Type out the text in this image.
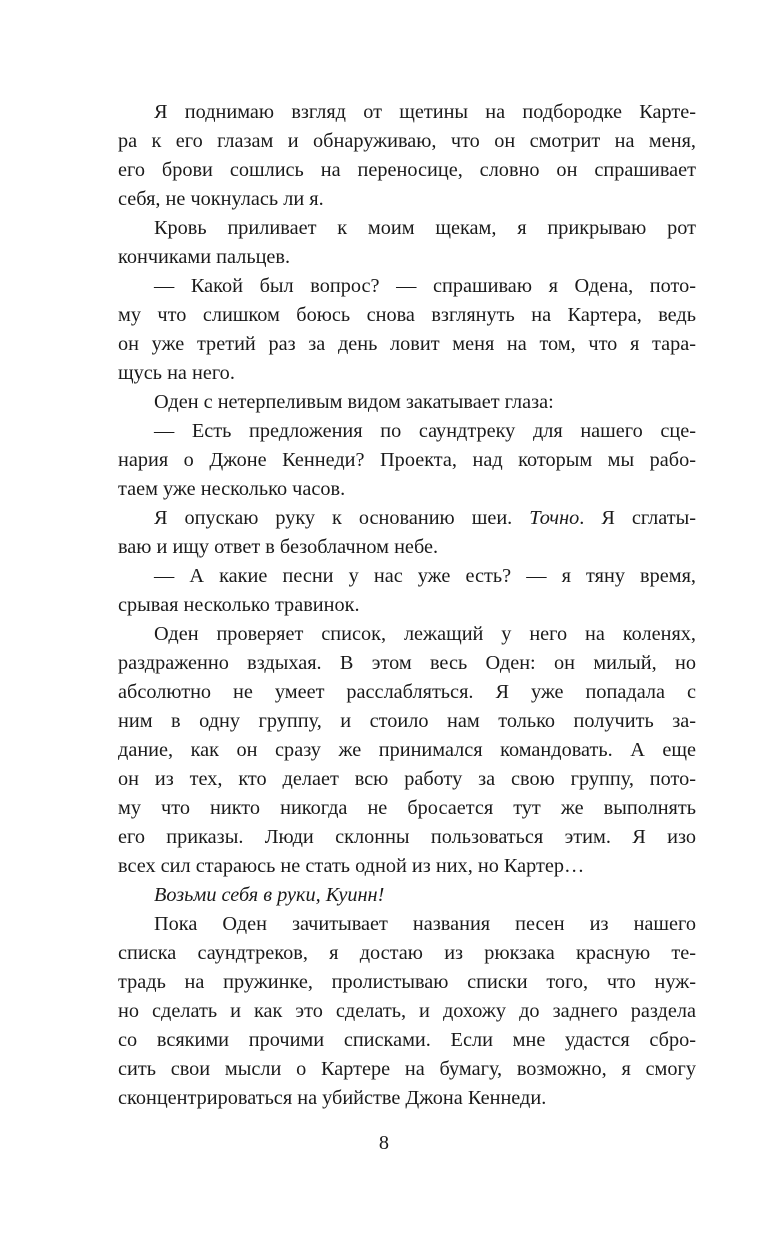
Я поднимаю взгляд от щетины на подбородке Карте-
ра к его глазам и обнаруживаю, что он смотрит на меня,
его брови сошлись на переносице, словно он спрашивает
себя, не чокнулась ли я.
Кровь приливает к моим щекам, я прикрываю рот
кончиками пальцев.
— Какой был вопрос? — спрашиваю я Одена, пото-
му что слишком боюсь снова взглянуть на Картера, ведь
он уже третий раз за день ловит меня на том, что я тара-
щусь на него.
Оден с нетерпеливым видом закатывает глаза:
— Есть предложения по саундтреку для нашего сце-
нария о Джоне Кеннеди? Проекта, над которым мы рабо-
таем уже несколько часов.
Я опускаю руку к основанию шеи. Точно. Я сглаты-
ваю и ищу ответ в безоблачном небе.
— А какие песни у нас уже есть? — я тяну время,
срывая несколько травинок.
Оден проверяет список, лежащий у него на коленях,
раздраженно вздыхая. В этом весь Оден: он милый, но
абсолютно не умеет расслабляться. Я уже попадала с
ним в одну группу, и стоило нам только получить за-
дание, как он сразу же принимался командовать. А еще
он из тех, кто делает всю работу за свою группу, пото-
му что никто никогда не бросается тут же выполнять
его приказы. Люди склонны пользоваться этим. Я изо
всех сил стараюсь не стать одной из них, но Картер…
Возьми себя в руки, Куинн!
Пока Оден зачитывает названия песен из нашего
списка саундтреков, я достаю из рюкзака красную те-
традь на пружинке, пролистываю списки того, что нуж-
но сделать и как это сделать, и дохожу до заднего раздела
со всякими прочими списками. Если мне удастся сбро-
сить свои мысли о Картере на бумагу, возможно, я смогу
сконцентрироваться на убийстве Джона Кеннеди.
8
